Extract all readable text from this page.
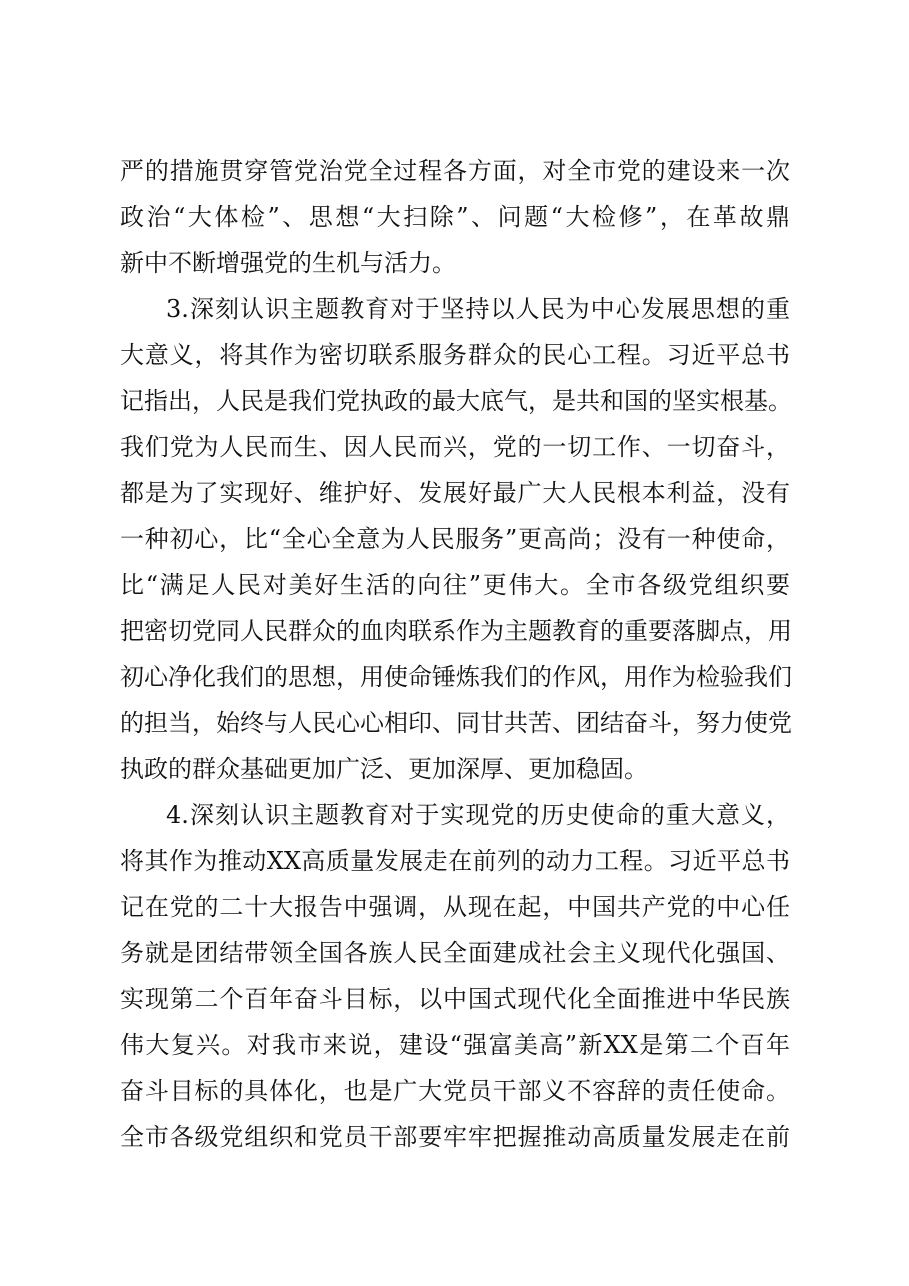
严的措施贯穿管党治党全过程各方面，对全市党的建设来一次
政治“大体检”、思想“大扫除”、问题“大检修”，在革故鼎
新中不断增强党的生机与活力。
3.深刻认识主题教育对于坚持以人民为中心发展思想的重
大意义，将其作为密切联系服务群众的民心工程。习近平总书
记指出，人民是我们党执政的最大底气，是共和国的坚实根基。
我们党为人民而生、因人民而兴，党的一切工作、一切奋斗，
都是为了实现好、维护好、发展好最广大人民根本利益，没有
一种初心，比“全心全意为人民服务”更高尚；没有一种使命，
比“满足人民对美好生活的向往”更伟大。全市各级党组织要
把密切党同人民群众的血肉联系作为主题教育的重要落脚点，用
初心净化我们的思想，用使命锤炼我们的作风，用作为检验我们
的担当，始终与人民心心相印、同甘共苦、团结奋斗，努力使党
执政的群众基础更加广泛、更加深厚、更加稳固。
4.深刻认识主题教育对于实现党的历史使命的重大意义，
将其作为推动XX高质量发展走在前列的动力工程。习近平总书
记在党的二十大报告中强调，从现在起，中国共产党的中心任
务就是团结带领全国各族人民全面建成社会主义现代化强国、
实现第二个百年奋斗目标，以中国式现代化全面推进中华民族
伟大复兴。对我市来说，建设“强富美高”新XX是第二个百年
奋斗目标的具体化，也是广大党员干部义不容辞的责任使命。
全市各级党组织和党员干部要牢牢把握推动高质量发展走在前
